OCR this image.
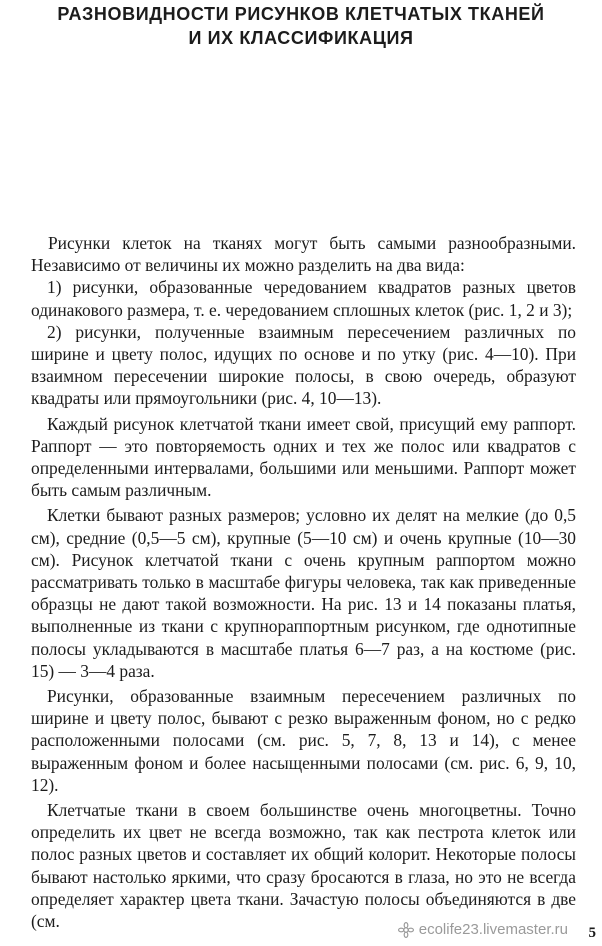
РАЗНОВИДНОСТИ РИСУНКОВ КЛЕТЧАТЫХ ТКАНЕЙ
И ИХ КЛАССИФИКАЦИЯ

Рисунки клеток на тканях могут быть самыми разнообразными. Независимо от величины их можно разделить на два вида:

1) рисунки, образованные чередованием квадратов разных цветов одинакового размера, т. е. чередованием сплошных клеток (рис. 1, 2 и 3);

2) рисунки, полученные взаимным пересечением различных по ширине и цвету полос, идущих по основе и по утку (рис. 4—10). При взаимном пересечении широкие полосы, в свою очередь, образуют квадраты или прямоугольники (рис. 4, 10—13).

Каждый рисунок клетчатой ткани имеет свой, присущий ему раппорт. Раппорт — это повторяемость одних и тех же полос или квадратов с определенными интервалами, большими или меньшими. Раппорт может быть самым различным.

Клетки бывают разных размеров; условно их делят на мелкие (до 0,5 см), средние (0,5—5 см), крупные (5—10 см) и очень крупные (10—30 см). Рисунок клетчатой ткани с очень крупным раппортом можно рассматривать только в масштабе фигуры человека, так как приведенные образцы не дают такой возможности. На рис. 13 и 14 показаны платья, выполненные из ткани с крупнораппортным рисунком, где однотипные полосы укладываются в масштабе платья 6—7 раз, а на костюме (рис. 15) — 3—4 раза.

Рисунки, образованные взаимным пересечением различных по ширине и цвету полос, бывают с резко выраженным фоном, но с редко расположенными полосами (см. рис. 5, 7, 8, 13 и 14), с менее выраженным фоном и более насыщенными полосами (см. рис. 6, 9, 10, 12).

Клетчатые ткани в своем большинстве очень многоцветны. Точно определить их цвет не всегда возможно, так как пестрота клеток или полос разных цветов и составляет их общий колорит. Некоторые полосы бывают настолько яркими, что сразу бросаются в глаза, но это не всегда определяет характер цвета ткани. Зачастую полосы объединяются в две (см.	ecolife23.livemaster.ru 5
